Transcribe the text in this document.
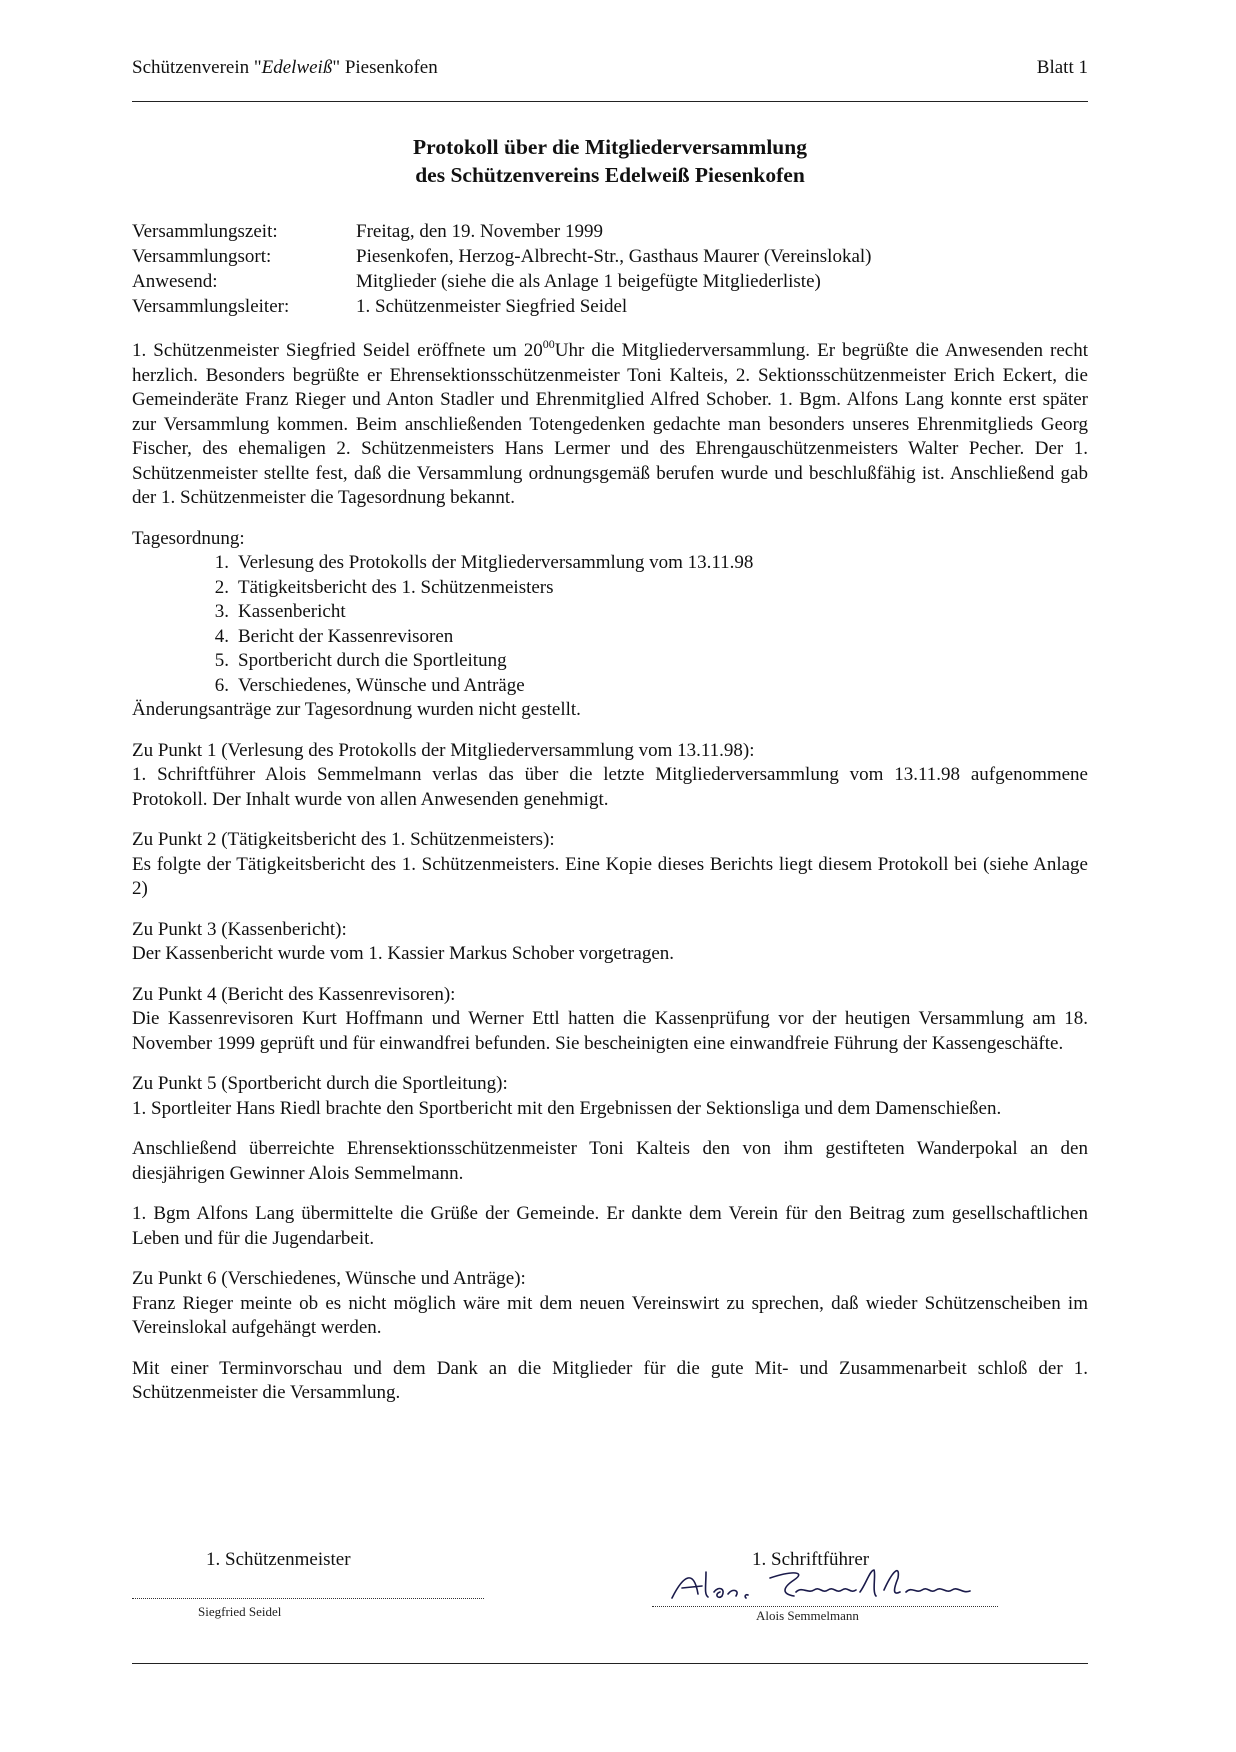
Schützenverein "Edelweiß" Piesenkofen	Blatt 1
Protokoll über die Mitgliederversammlung
des Schützenvereins Edelweiß Piesenkofen
Versammlungszeit:	Freitag, den 19. November 1999
Versammlungsort:	Piesenkofen, Herzog-Albrecht-Str., Gasthaus Maurer (Vereinslokal)
Anwesend:	Mitglieder (siehe die als Anlage 1 beigefügte Mitgliederliste)
Versammlungsleiter:	1. Schützenmeister Siegfried Seidel

1. Schützenmeister Siegfried Seidel eröffnete um $20^{00}Uhr$ die Mitgliederversammlung. Er begrüßte die Anwesenden recht herzlich. Besonders begrüßte er Ehrensektionsschützenmeister Toni Kalteis, 2. Sektionsschützenmeister Erich Eckert, die Gemeinderäte Franz Rieger und Anton Stadler und Ehrenmitglied Alfred Schober. 1. Bgm. Alfons Lang konnte erst später zur Versammlung kommen. Beim anschließenden Totengedenken gedachte man besonders unseres Ehrenmitglieds Georg Fischer, des ehemaligen 2. Schützenmeisters Hans Lermer und des Ehrengauschützenmeisters Walter Pecher. Der 1. Schützenmeister stellte fest, daß die Versammlung ordnungsgemäß berufen wurde und beschlußfähig ist. Anschließend gab der 1. Schützenmeister die Tagesordnung bekannt.

Tagesordnung:
1. Verlesung des Protokolls der Mitgliederversammlung vom 13.11.98
2. Tätigkeitsbericht des 1. Schützenmeisters
3. Kassenbericht
4. Bericht der Kassenrevisoren
5. Sportbericht durch die Sportleitung
6. Verschiedenes, Wünsche und Anträge
Änderungsanträge zur Tagesordnung wurden nicht gestellt.
Zu Punkt 1 (Verlesung des Protokolls der Mitgliederversammlung vom 13.11.98):
1. Schriftführer Alois Semmelmann verlas das über die letzte Mitgliederversammlung vom 13.11.98 aufgenommene Protokoll. Der Inhalt wurde von allen Anwesenden genehmigt.
Zu Punkt 2 (Tätigkeitsbericht des 1. Schützenmeisters):
Es folgte der Tätigkeitsbericht des 1. Schützenmeisters. Eine Kopie dieses Berichts liegt diesem Protokoll bei (siehe Anlage 2)
Zu Punkt 3 (Kassenbericht):
Der Kassenbericht wurde vom 1. Kassier Markus Schober vorgetragen.
Zu Punkt 4 (Bericht des Kassenrevisoren):
Die Kassenrevisoren Kurt Hoffmann und Werner Ettl hatten die Kassenprüfung vor der heutigen Versammlung am 18. November 1999 geprüft und für einwandfrei befunden. Sie bescheinigten eine einwandfreie Führung der Kassengeschäfte.
Zu Punkt 5 (Sportbericht durch die Sportleitung):
1. Sportleiter Hans Riedl brachte den Sportbericht mit den Ergebnissen der Sektionsliga und dem Damenschießen.

Anschließend überreichte Ehrensektionsschützenmeister Toni Kalteis den von ihm gestifteten Wanderpokal an den diesjährigen Gewinner Alois Semmelmann.

1. Bgm Alfons Lang übermittelte die Grüße der Gemeinde. Er dankte dem Verein für den Beitrag zum gesellschaftlichen Leben und für die Jugendarbeit.

Zu Punkt 6 (Verschiedenes, Wünsche und Anträge):
Franz Rieger meinte ob es nicht möglich wäre mit dem neuen Vereinswirt zu sprechen, daß wieder Schützenscheiben im Vereinslokal aufgehängt werden.

Mit einer Terminvorschau und dem Dank an die Mitglieder für die gute Mit- und Zusammenarbeit schloß der 1. Schützenmeister die Versammlung.

1. Schützenmeister	1. Schriftführer
Siegfried Seidel	Alois Semmelmann
